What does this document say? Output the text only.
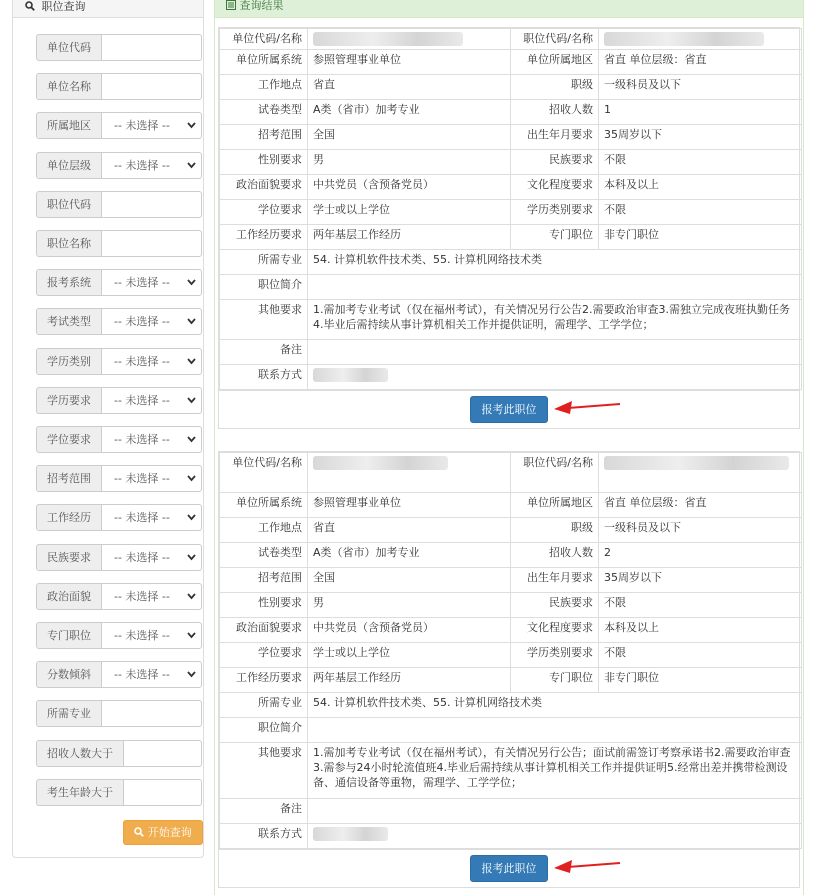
职位查询
单位代码
单位名称
所属地区	-- 未选择 --
单位层级	-- 未选择 --
职位代码
职位名称
报考系统	-- 未选择 --
考试类型	-- 未选择 --
学历类别	-- 未选择 --
学历要求	-- 未选择 --
学位要求	-- 未选择 --
招考范围	-- 未选择 --
工作经历	-- 未选择 --
民族要求	-- 未选择 --
政治面貌	-- 未选择 --
专门职位	-- 未选择 --
分数倾斜	-- 未选择 --
所需专业
招收人数大于
考生年龄大于
开始查询
查询结果
单位代码/名称		职位代码/名称	
单位所属系统	参照管理事业单位	单位所属地区	省直 单位层级：省直
工作地点	省直	职级	一级科员及以下
试卷类型	A类（省市）加考专业	招收人数	1
招考范围	全国	出生年月要求	35周岁以下
性别要求	男	民族要求	不限
政治面貌要求	中共党员（含预备党员）	文化程度要求	本科及以上
学位要求	学士或以上学位	学历类别要求	不限
工作经历要求	两年基层工作经历	专门职位	非专门职位
所需专业	54. 计算机软件技术类、55. 计算机网络技术类		
职位简介			
其他要求	1.需加考专业考试（仅在福州考试），有关情况另行公告2.需要政治审查3.需独立完成夜班执勤任务4.毕业后需持续从事计算机相关工作并提供证明，需理学、工学学位；		
备注			
联系方式			
报考此职位
单位代码/名称		职位代码/名称	
单位所属系统	参照管理事业单位	单位所属地区	省直 单位层级：省直
工作地点	省直	职级	一级科员及以下
试卷类型	A类（省市）加考专业	招收人数	2
招考范围	全国	出生年月要求	35周岁以下
性别要求	男	民族要求	不限
政治面貌要求	中共党员（含预备党员）	文化程度要求	本科及以上
学位要求	学士或以上学位	学历类别要求	不限
工作经历要求	两年基层工作经历	专门职位	非专门职位
所需专业	54. 计算机软件技术类、55. 计算机网络技术类		
职位简介			
其他要求	1.需加考专业考试（仅在福州考试），有关情况另行公告；面试前需签订考察承诺书2.需要政治审查3.需参与24小时轮流值班4.毕业后需持续从事计算机相关工作并提供证明5.经常出差并携带检测设备、通信设备等重物，需理学、工学学位；		
备注			
联系方式			
报考此职位
